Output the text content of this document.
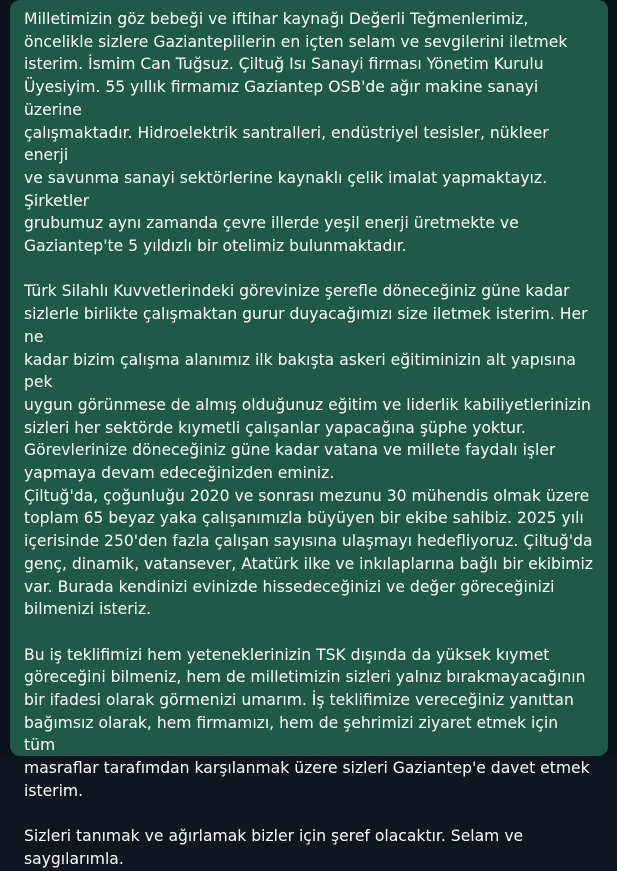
Milletimizin göz bebeği ve iftihar kaynağı Değerli Teğmenlerimiz,
öncelikle sizlere Gazianteplilerin en içten selam ve sevgilerini iletmek
isterim. İsmim Can Tuğsuz. Çiltuğ Isı Sanayi firması Yönetim Kurulu
Üyesiyim. 55 yıllık firmamız Gaziantep OSB'de ağır makine sanayi üzerine
çalışmaktadır. Hidroelektrik santralleri, endüstriyel tesisler, nükleer enerji
ve savunma sanayi sektörlerine kaynaklı çelik imalat yapmaktayız. Şirketler
grubumuz aynı zamanda çevre illerde yeşil enerji üretmekte ve
Gaziantep'te 5 yıldızlı bir otelimiz bulunmaktadır.

Türk Silahlı Kuvvetlerindeki görevinize şerefle döneceğiniz güne kadar
sizlerle birlikte çalışmaktan gurur duyacağımızı size iletmek isterim. Her ne
kadar bizim çalışma alanımız ilk bakışta askeri eğitiminizin alt yapısına pek
uygun görünmese de almış olduğunuz eğitim ve liderlik kabiliyetlerinizin
sizleri her sektörde kıymetli çalışanlar yapacağına şüphe yoktur.
Görevlerinize döneceğiniz güne kadar vatana ve millete faydalı işler
yapmaya devam edeceğinizden eminiz.
Çiltuğ'da, çoğunluğu 2020 ve sonrası mezunu 30 mühendis olmak üzere
toplam 65 beyaz yaka çalışanımızla büyüyen bir ekibe sahibiz. 2025 yılı
içerisinde 250'den fazla çalışan sayısına ulaşmayı hedefliyoruz. Çiltuğ'da
genç, dinamik, vatansever, Atatürk ilke ve inkılaplarına bağlı bir ekibimiz
var. Burada kendinizi evinizde hissedeceğinizi ve değer göreceğinizi
bilmenizi isteriz.

Bu iş teklifimizi hem yeteneklerinizin TSK dışında da yüksek kıymet
göreceğini bilmeniz, hem de milletimizin sizleri yalnız bırakmayacağının
bir ifadesi olarak görmenizi umarım. İş teklifimize vereceğiniz yanıttan
bağımsız olarak, hem firmamızı, hem de şehrimizi ziyaret etmek için tüm
masraflar tarafımdan karşılanmak üzere sizleri Gaziantep'e davet etmek
isterim.

Sizleri tanımak ve ağırlamak bizler için şeref olacaktır. Selam ve
saygılarımla.
